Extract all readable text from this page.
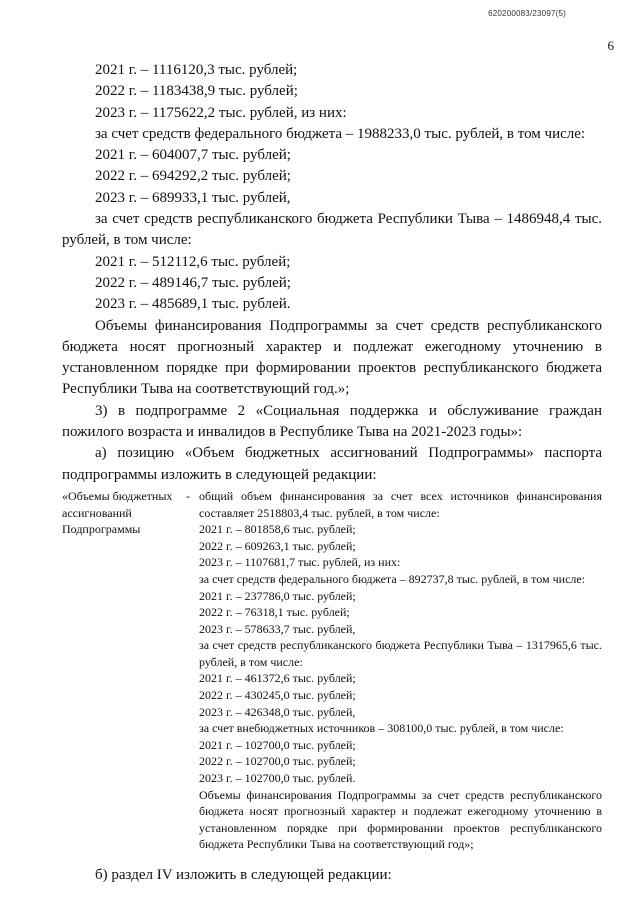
620200083/23097(5)
6
2021 г. – 1116120,3 тыс. рублей;
2022 г. – 1183438,9 тыс. рублей;
2023 г. – 1175622,2 тыс. рублей, из них:
за счет средств федерального бюджета – 1988233,0 тыс. рублей, в том числе:
2021 г. – 604007,7 тыс. рублей;
2022 г. – 694292,2 тыс. рублей;
2023 г. – 689933,1 тыс. рублей,
за счет средств республиканского бюджета Республики Тыва – 1486948,4 тыс. рублей, в том числе:
2021 г. – 512112,6 тыс. рублей;
2022 г. – 489146,7 тыс. рублей;
2023 г. – 485689,1 тыс. рублей.
Объемы финансирования Подпрограммы за счет средств республиканского бюджета носят прогнозный характер и подлежат ежегодному уточнению в установленном порядке при формировании проектов республиканского бюджета Республики Тыва на соответствующий год.»;
3) в подпрограмме 2 «Социальная поддержка и обслуживание граждан пожилого возраста и инвалидов в Республике Тыва на 2021-2023 годы»:
а) позицию «Объем бюджетных ассигнований Подпрограммы» паспорта подпрограммы изложить в следующей редакции:
«Объемы бюджетных ассигнований Подпрограммы
- общий объем финансирования за счет всех источников финансирования составляет 2518803,4 тыс. рублей, в том числе:
2021 г. – 801858,6 тыс. рублей;
2022 г. – 609263,1 тыс. рублей;
2023 г. – 1107681,7 тыс. рублей, из них:
за счет средств федерального бюджета – 892737,8 тыс. рублей, в том числе:
2021 г. – 237786,0 тыс. рублей;
2022 г. – 76318,1 тыс. рублей;
2023 г. – 578633,7 тыс. рублей,
за счет средств республиканского бюджета Республики Тыва – 1317965,6 тыс. рублей, в том числе:
2021 г. – 461372,6 тыс. рублей;
2022 г. – 430245,0 тыс. рублей;
2023 г. – 426348,0 тыс. рублей,
за счет внебюджетных источников – 308100,0 тыс. рублей, в том числе:
2021 г. – 102700,0 тыс. рублей;
2022 г. – 102700,0 тыс. рублей;
2023 г. – 102700,0 тыс. рублей.
Объемы финансирования Подпрограммы за счет средств республиканского бюджета носят прогнозный характер и подлежат ежегодному уточнению в установленном порядке при формировании проектов республиканского бюджета Республики Тыва на соответствующий год»;
б) раздел IV изложить в следующей редакции:
